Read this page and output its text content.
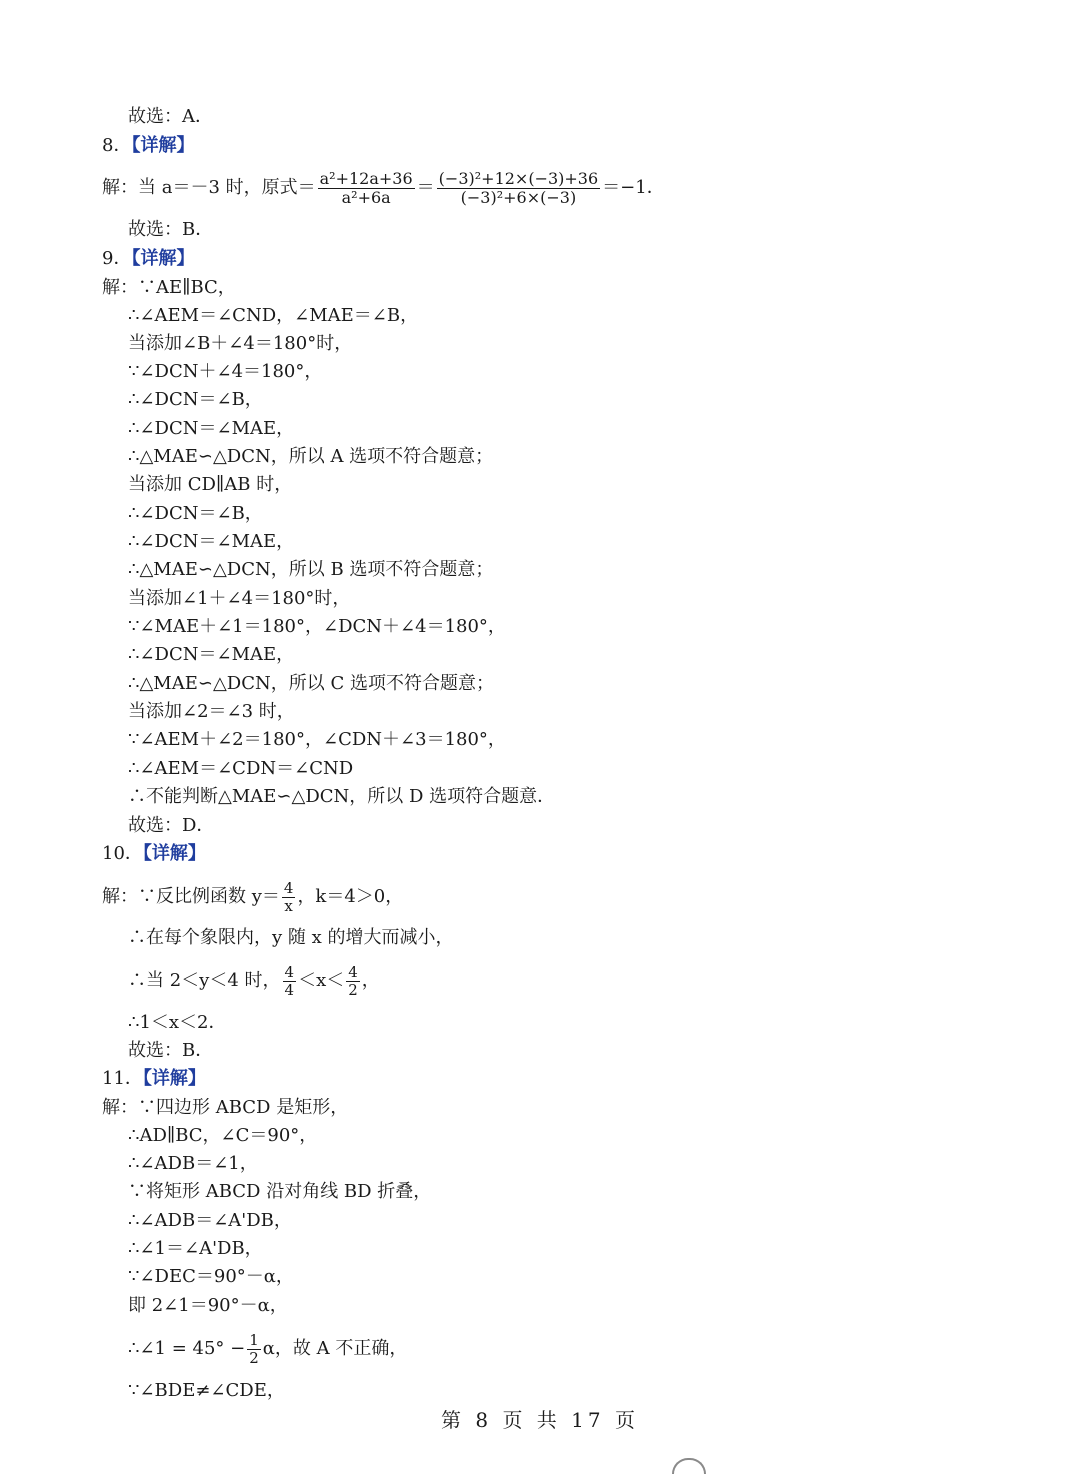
故选：A．
8．【详解】
解：当 a＝－3 时，原式＝ $\frac{\text{a²+12a+36}}{\text{a²+6a}} = \frac{\text{(−3)²+12×(−3)+36}}{\text{(−3)²+6×(−3)}} =-1$．
故选：B．
9．【详解】
解：∵AE∥BC，
∴∠AEM＝∠CND，∠MAE＝∠B，
当添加∠B＋∠4＝180°时，
∵∠DCN＋∠4＝180°，
∴∠DCN＝∠B，
∴∠DCN＝∠MAE，
∴△MAE∽△DCN，所以 A 选项不符合题意；
当添加 CD∥AB 时，
∴∠DCN＝∠B，
∴∠DCN＝∠MAE，
∴△MAE∽△DCN，所以 B 选项不符合题意；
当添加∠1＋∠4＝180°时，
∵∠MAE＋∠1＝180°，∠DCN＋∠4＝180°，
∴∠DCN＝∠MAE，
∴△MAE∽△DCN，所以 C 选项不符合题意；
当添加∠2＝∠3 时，
∵∠AEM＋∠2＝180°，∠CDN＋∠3＝180°，
∴∠AEM＝∠CDN＝∠CND
∴不能判断△MAE∽△DCN，所以 D 选项符合题意．
故选：D．
10．【详解】
解：∵反比例函数 $y= \frac{4}{x}$ ，k＝4＞0，
∴在每个象限内，y 随 x 的增大而减小，
∴当 2＜y＜4 时， $\frac{4}{4} <x< \frac{4}{2}$ ，
∴1＜x＜2．
故选：B．
11．【详解】
解：∵四边形 ABCD 是矩形，
∴AD∥BC，∠C＝90°，
∴∠ADB＝∠1，
∵将矩形 ABCD 沿对角线 BD 折叠，
∴∠ADB＝∠A'DB，
∴∠1＝∠A'DB，
∵∠DEC＝90°－α，
即 2∠1＝90°－α，
∴∠1 = $45^\circ - \frac{1}{2}$ α，故 A 不正确，
∵∠BDE≠∠CDE，
第 8 页 共 17 页
